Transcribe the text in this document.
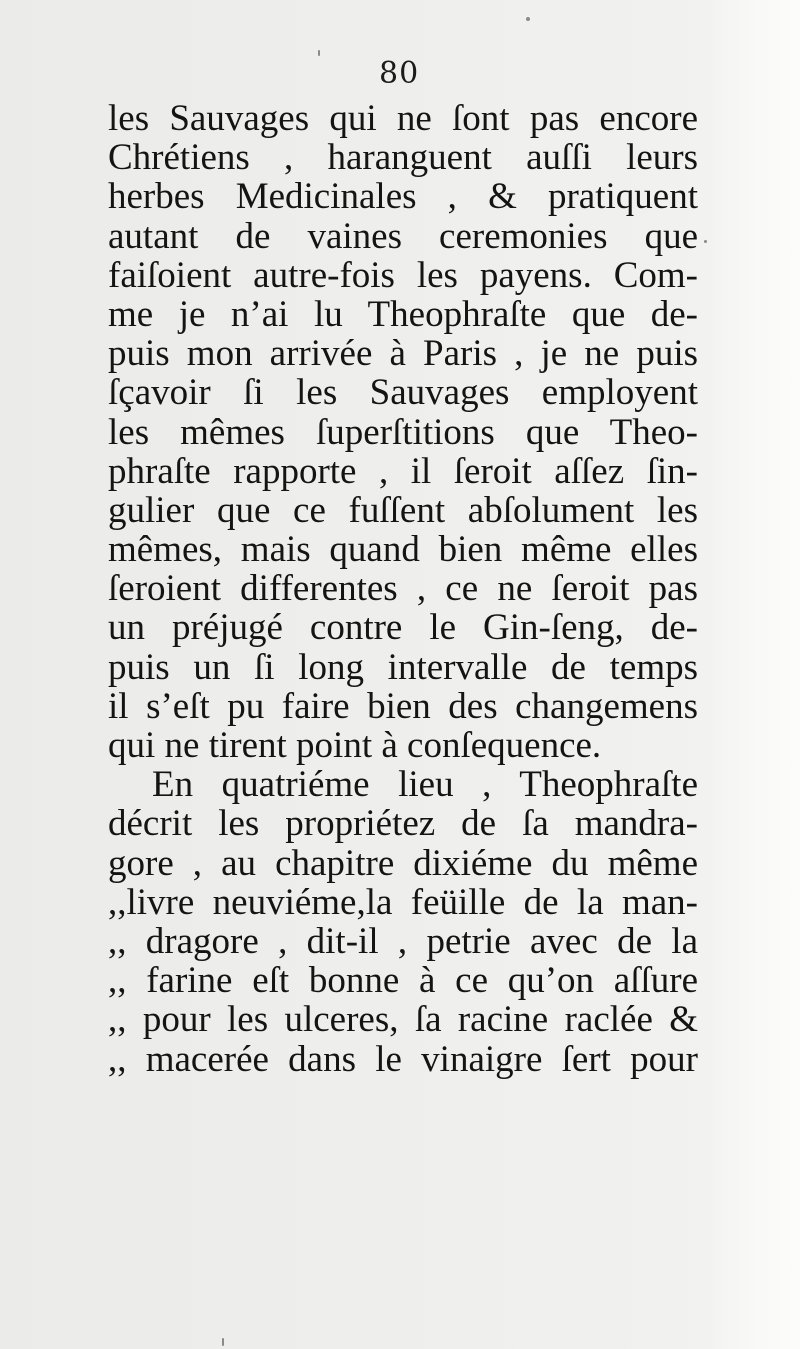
80
les Sauvages qui ne ſont pas encore
Chrétiens , haranguent auſſi leurs
herbes Medicinales , & pratiquent
autant de vaines ceremonies que
faiſoient autre-fois les payens. Com-
me je n’ai lu Theophraſte que de-
puis mon arrivée à Paris , je ne puis
ſçavoir ſi les Sauvages employent
les mêmes ſuperſtitions que Theo-
phraſte rapporte , il ſeroit aſſez ſin-
gulier que ce fuſſent abſolument les
mêmes, mais quand bien même elles
ſeroient differentes , ce ne ſeroit pas
un préjugé contre le Gin-ſeng, de-
puis un ſi long intervalle de temps
il s’eſt pu faire bien des changemens
qui ne tirent point à conſequence.
En quatriéme lieu , Theophraſte
décrit les propriétez de ſa mandra-
gore , au chapitre dixiéme du même
,,livre neuviéme,la feüille de la man-
,, dragore , dit-il , petrie avec de la
,, farine eſt bonne à ce qu’on aſſure
,, pour les ulceres, ſa racine raclée &
,, macerée dans le vinaigre ſert pour
